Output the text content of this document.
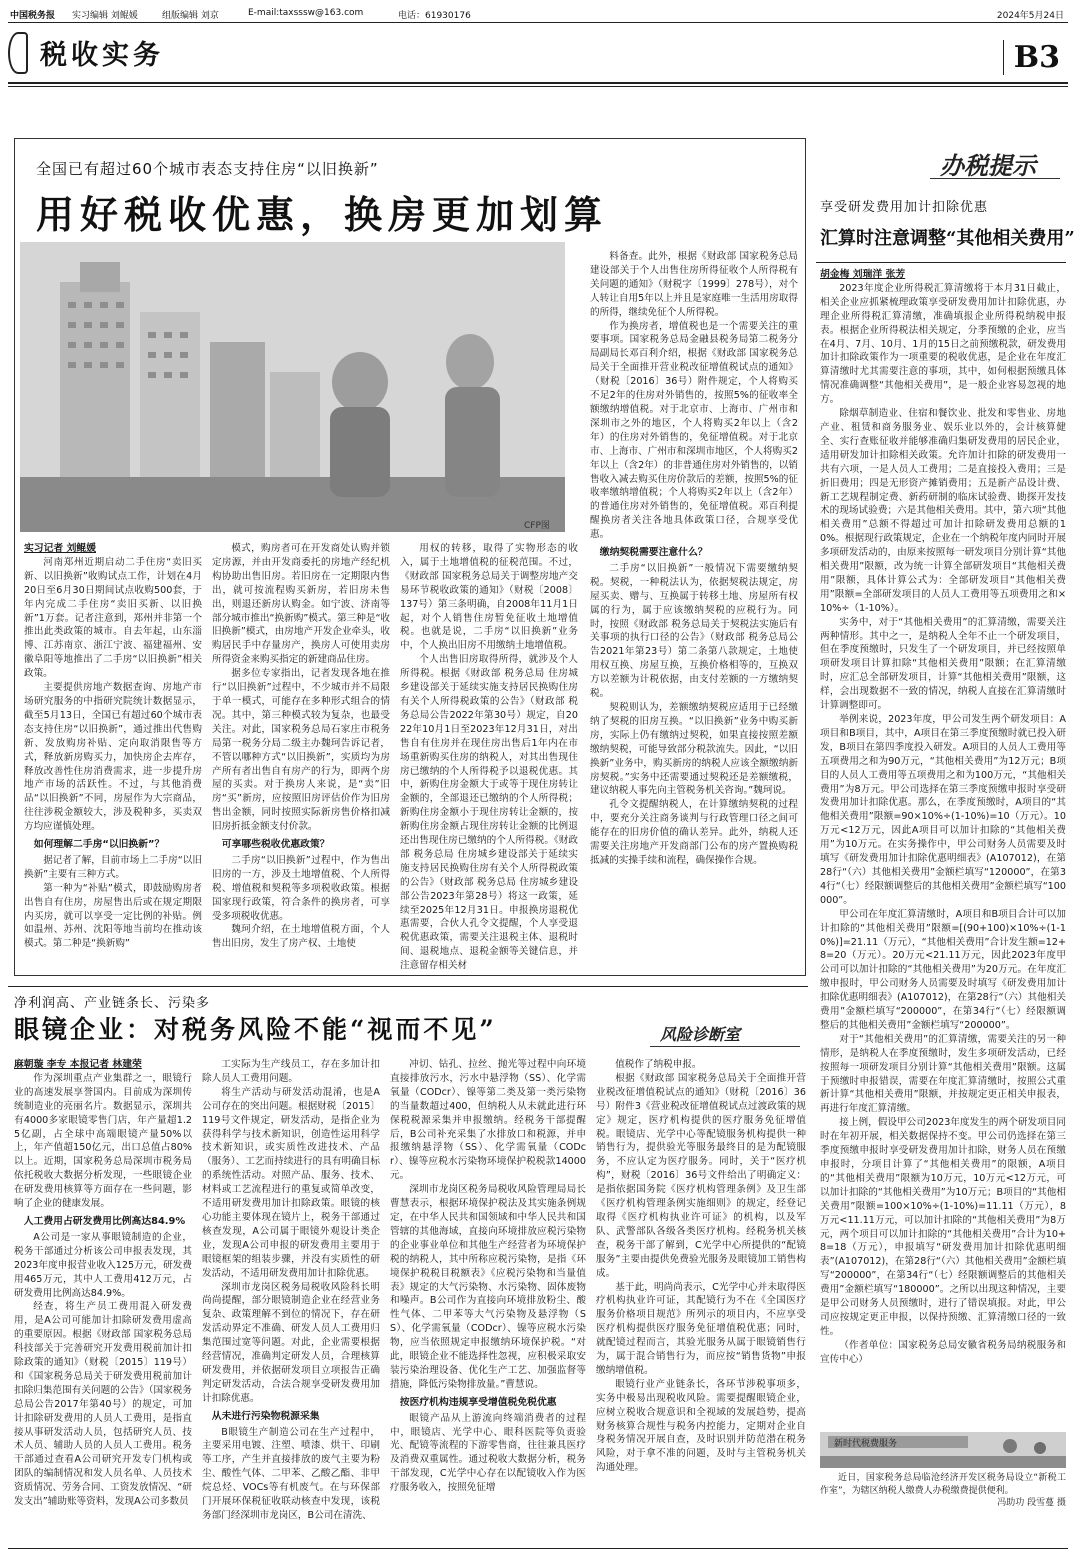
中国税务报 实习编辑 刘鲲媛	组版编辑 刘京	E-mail:taxsssw@163.com	电话：61930176	2024年5月24日
税收实务	B3
全国已有超过60个城市表态支持住房“以旧换新”
用好税收优惠，换房更加划算
CFP图
实习记者 刘鲲媛

河南郑州近期启动二手住房“卖旧买新、以旧换新”收购试点工作，计划在4月20日至6月30日期间试点收购500套，于年内完成二手住房“卖旧买新、以旧换新”1万套。记者注意到，郑州并非第一个推出此类政策的城市。自去年起，山东淄博、江苏南京、浙江宁波、福建福州、安徽阜阳等地推出了二手房“以旧换新”相关政策。

主要提供房地产数据查询、房地产市场研究服务的中指研究院统计数据显示，截至5月13日，全国已有超过60个城市表态支持住房“以旧换新”，通过推出代售购新、发放购房补贴、定向取消限售等方式，释放新房购买力，加快房企去库存，释放改善性住房消费需求，进一步提升房地产市场的活跃性。不过，与其他消费品“以旧换新”不同，房屋作为大宗商品，往往涉税金额较大，涉及税种多，买卖双方均应谨慎处理。

如何理解二手房“以旧换新”？

据记者了解，目前市场上二手房“以旧换新”主要有三种方式。

第一种为“补贴”模式，即鼓励购房者出售自有住房，房屋售出后或在规定期限内买房，就可以享受一定比例的补贴。例如温州、苏州、沈阳等地当前均在推动该模式。第二种是“换新购”

模式，购房者可在开发商处认购并锁定房源，并由开发商委托的房地产经纪机构协助出售旧房。若旧房在一定期限内售出，就可按流程购买新房，若旧房未售出，则退还新房认购金。如宁波、济南等部分城市推出“换新购”模式。第三种是“收旧换新”模式，由房地产开发企业牵头，收购居民手中存量房产，换房人可使用卖房所得资金来购买指定的新建商品住房。

据多位专家指出，记者发现各地在推行“以旧换新”过程中，不少城市并不局限于单一模式，可能存在多种形式组合的情况。其中，第三种模式较为复杂，也最受关注。对此，国家税务总局石家庄市税务局第一税务分局二级主办魏珂告诉记者，不管以哪种方式“以旧换新”，实质均为房产所有者出售自有房产的行为，即两个房屋的买卖。对于换房人来说，是“卖”旧房“买”新房，应按照旧房评估价作为旧房售出金额，同时按照实际新房售价格扣减旧房折抵金额支付价款。

可享哪些税收优惠政策？

二手房“以旧换新”过程中，作为售出旧房的一方，涉及土地增值税、个人所得税、增值税和契税等多项税收政策。根据国家现行政策，符合条件的换房者，可享受多项税收优惠。

魏珂介绍，在土地增值税方面，个人售出旧房，发生了房产权、土地使

用权的转移，取得了实物形态的收入，属于土地增值税的征税范围。不过，《财政部 国家税务总局关于调整房地产交易环节税收政策的通知》（财税〔2008〕137号）第三条明确，自2008年11月1日起，对个人销售住房暂免征收土地增值税。也就是说，二手房“以旧换新”业务中，个人换出旧房不用缴纳土地增值税。

个人出售旧房取得所得，就涉及个人所得税。根据《财政部 税务总局 住房城乡建设部关于延续实施支持居民换购住房有关个人所得税政策的公告》（财政部 税务总局公告2022年第30号）规定，自2022年10月1日至2023年12月31日，对出售自有住房并在现住房出售后1年内在市场重新购买住房的纳税人，对其出售现住房已缴纳的个人所得税予以退税优惠。其中，新购住房金额大于或等于现住房转让金额的，全部退还已缴纳的个人所得税；新购住房金额小于现住房转让金额的，按新购住房金额占现住房转让金额的比例退还出售现住房已缴纳的个人所得税。《财政部 税务总局 住房城乡建设部关于延续实施支持居民换购住房有关个人所得税政策的公告》（财政部 税务总局 住房城乡建设部公告2023年第28号）将这一政策，延续至2025年12月31日。申报换房退税优惠需要，合伙人孔令文提醒，个人享受退税优惠政策，需要关注退税主体、退税时间、退税地点、退税金额等关键信息，并注意留存相关材

料备查。此外，根据《财政部 国家税务总局 建设部关于个人出售住房所得征收个人所得税有关问题的通知》（财税字〔1999〕278号），对个人转让自用5年以上并且是家庭唯一生活用房取得的所得，继续免征个人所得税。

作为换房者，增值税也是一个需要关注的重要事项。国家税务总局金融县税务局第二税务分局副局长邓百利介绍，根据《财政部 国家税务总局关于全面推开营业税改征增值税试点的通知》（财税〔2016〕36号）附件规定，个人将购买不足2年的住房对外销售的，按照5%的征收率全额缴纳增值税。对于北京市、上海市、广州市和深圳市之外的地区，个人将购买2年以上（含2年）的住房对外销售的，免征增值税。对于北京市、上海市、广州市和深圳市地区，个人将购买2年以上（含2年）的非普通住房对外销售的，以销售收入减去购买住房价款后的差额，按照5%的征收率缴纳增值税；个人将购买2年以上（含2年）的普通住房对外销售的，免征增值税。邓百利提醒换房者关注各地具体政策口径，合规享受优惠。

缴纳契税需要注意什么？

二手房“以旧换新”一般情况下需要缴纳契税。契税，一种税法认为，依据契税法规定，房屋买卖、赠与、互换属于转移土地、房屋所有权属的行为，属于应该缴纳契税的应税行为。同时，按照《财政部 税务总局关于契税法实施后有关事项的执行口径的公告》（财政部 税务总局公告2021年第23号）第二条第八款规定，土地使用权互换、房屋互换，互换价格相等的，互换双方以差额为计税依据，由支付差额的一方缴纳契税。

契税则认为，差额缴纳契税应适用于已经缴纳了契税的旧房互换。“以旧换新”业务中购买新房，实际上仍有缴纳过契税，如果直接按照差额缴纳契税，可能导致部分税款流失。因此，“以旧换新”业务中，购买新房的纳税人应该全额缴纳新房契税。”实务中还需要通过契税还是差额缴税，建议纳税人事先向主管税务机关咨询。”魏珂说。

孔令文提醒纳税人，在计算缴纳契税的过程中，要充分关注商务谈判与行政管理口径之间可能存在的旧房价值的确认差异。此外，纳税人还需要关注房地产开发商部门公布的房产置换购税抵减的实操手续和流程，确保操作合规。

办税提示
享受研发费用加计扣除优惠
汇算时注意调整“其他相关费用”
胡金梅 刘瑞洋 张芳

2023年度企业所得税汇算清缴将于本月31日截止，相关企业应抓紧梳理政策享受研发费用加计扣除优惠，办理企业所得税汇算清缴，准确填报企业所得税纳税申报表。根据企业所得税法相关规定，分季预缴的企业，应当在4月、7月、10月、1月的15日之前预缴税款，研发费用加计扣除政策作为一项重要的税收优惠，是企业在年度汇算清缴时尤其需要注意的事项，其中，如何根据预缴具体情况准确调整“其他相关费用”，是一般企业容易忽视的地方。

除烟草制造业、住宿和餐饮业、批发和零售业、房地产业、租赁和商务服务业、娱乐业以外的，会计核算健全、实行查账征收并能够准确归集研发费用的居民企业，适用研发加计扣除相关政策。允许加计扣除的研发费用一共有六项，一是人员人工费用；二是直接投入费用；三是折旧费用；四是无形资产摊销费用；五是新产品设计费、新工艺规程制定费、新药研制的临床试验费、勘探开发技术的现场试验费；六是其他相关费用。其中，第六项“其他相关费用”总额不得超过可加计扣除研发费用总额的10%。根据现行政策规定，企业在一个纳税年度内同时开展多项研发活动的，由原来按照每一研发项目分别计算“其他相关费用”限额，改为统一计算全部研发项目“其他相关费用”限额，具体计算公式为：全部研发项目“其他相关费用”限额=全部研发项目的人员人工费用等五项费用之和×10%÷（1-10%）。

实务中，对于“其他相关费用”的汇算清缴，需要关注两种情形。其中之一，是纳税人全年不止一个研发项目，但在季度预缴时，只发生了一个研发项目，并已经按照单项研发项目计算扣除“其他相关费用”限额；在汇算清缴时，应汇总全部研发项目，计算“其他相关费用”限额，这样，会出现数据不一致的情况，纳税人直接在汇算清缴时计算调整即可。

举例来说，2023年度，甲公司发生两个研发项目：A项目和B项目，其中，A项目在第三季度预缴时就已投入研发，B项目在第四季度投入研发。A项目的人员人工费用等五项费用之和为90万元，“其他相关费用”为12万元；B项目的人员人工费用等五项费用之和为100万元，“其他相关费用”为8万元。甲公司选择在第三季度预缴申报时享受研发费用加计扣除优惠。那么，在季度预缴时，A项目的“其他相关费用”限额=90×10%÷(1-10%)=10（万元）。10万元<12万元，因此A项目可以加计扣除的“其他相关费用”为10万元。在实务操作中，甲公司财务人员需要及时填写《研发费用加计扣除优惠明细表》(A107012)，在第28行“（六）其他相关费用”金额栏填写“120000”，在第34行“（七）经限额调整后的其他相关费用”金额栏填写“100000”。

甲公司在年度汇算清缴时，A项目和B项目合计可以加计扣除的“其他相关费用”限额=[(90+100)×10%÷(1-10%)]=21.11（万元），“其他相关费用”合计发生额=12+8=20（万元）。20万元<21.11万元，因此2023年度甲公司可以加计扣除的“其他相关费用”为20万元。在年度汇缴申报时，甲公司财务人员需要及时填写《研发费用加计扣除优惠明细表》(A107012)，在第28行“（六）其他相关费用”金额栏填写“200000”，在第34行“（七）经限额调整后的其他相关费用”金额栏填写“200000”。

对于“其他相关费用”的汇算清缴，需要关注的另一种情形，是纳税人在季度预缴时，发生多项研发活动，已经按照每一项研发项目分别计算“其他相关费用”限额。这属于预缴时申报错误，需要在年度汇算清缴时，按照公式重新计算“其他相关费用”限额，并按规定更正相关申报表，再进行年度汇算清缴。

接上例，假设甲公司2023年度发生的两个研发项目同时在年初开展，相关数据保持不变。甲公司仍选择在第三季度预缴申报时享受研发费用加计扣除，财务人员在预缴申报时，分项目计算了“其他相关费用”的限额，A项目的“其他相关费用”限额为10万元，10万元<12万元，可以加计扣除的“其他相关费用”为10万元；B项目的“其他相关费用”限额=100×10%÷(1-10%)=11.11（万元），8万元<11.11万元，可以加计扣除的“其他相关费用”为8万元，两个项目可以加计扣除的“其他相关费用”合计为10+8=18（万元），申报填写“研发费用加计扣除优惠明细表”(A107012)，在第28行“（六）其他相关费用”金额栏填写“200000”，在第34行“（七）经限额调整后的其他相关费用”金额栏填写“180000”。之所以出现这种情况，主要是甲公司财务人员预缴时，进行了错误填报。对此，甲公司应按规定更正申报，以保持预缴、汇算清缴口径的一致性。

（作者单位：国家税务总局安徽省税务局纳税服务和宣传中心）

净利润高、产业链条长、污染多
眼镜企业：对税务风险不能“视而不见”	风险诊断室
麻朝璇 李专 本报记者 林建荣

作为深圳重点产业集群之一，眼镜行业的高速发展享誉国内。目前成为深圳传统制造业的亮丽名片。数据显示，深圳共有4000多家眼镜零售门店，年产量超1.25亿副，占全球中高端眼镜产量50%以上，年产值超150亿元，出口总值占80%以上。近期，国家税务总局深圳市税务局依托税收大数据分析发现，一些眼镜企业在研发费用核算等方面存在一些问题，影响了企业的健康发展。

人工费用占研发费用比例高达84.9%

A公司是一家从事眼镜制造的企业，税务干部通过分析该公司申报表发现，其2023年度申报营业收入125万元，研发费用465万元，其中人工费用412万元，占研发费用比例高达84.9%。

经查，将生产员工费用混入研发费用，是A公司可能加计扣除研发费用虚高的重要原因。根据《财政部 国家税务总局 科技部关于完善研究开发费用税前加计扣除政策的通知》（财税〔2015〕119号）和《国家税务总局关于研发费用税前加计扣除归集范围有关问题的公告》（国家税务总局公告2017年第40号）的规定，可加计扣除研发费用的人员人工费用，是指直接从事研发活动人员，包括研究人员、技术人员、辅助人员的人员人工费用。税务干部通过查看A公司研究开发专门机构或团队的编制情况和发人员名单、人员技术资质情况、劳务合同、工资发放情况、“研发支出”辅助账等资料，发现A公司多数员

工实际为生产线员工，存在多加计扣除人员人工费用问题。

将生产活动与研发活动混淆，也是A公司存在的突出问题。根据财税〔2015〕119号文件规定，研发活动，是指企业为获得科学与技术新知识，创造性运用科学技术新知识，或实质性改进技术、产品（服务）、工艺而持续进行的具有明确目标的系统性活动。对照产品、服务、技术、材料或工艺流程进行的重复或简单改变，不适用研发费用加计扣除政策。眼镜的核心功能主要体现在镜片上，税务干部通过核查发现，A公司属于眼镜外观设计类企业，发现A公司申报的研发费用主要用于眼镜框架的组装步骤，并没有实质性的研发活动，不适用研发费用加计扣除优惠。

深圳市龙岗区税务局税收风险科长明尚尚提醒，部分眼镜制造企业在经营业务复杂、政策理解不到位的情况下，存在研发活动界定不准确、研发人员人工费用归集范围过宽等问题。对此，企业需要根据经营情况，准确判定研发人员，合理核算研发费用，并依据研发项目立项报告正确判定研发活动，合法合规享受研发费用加计扣除优惠。

从未进行污染物税源采集

B眼镜生产制造公司在生产过程中，主要采用电镀、注塑、喷漆、烘干、印刷等工序，产生并直接排放的废气主要为粉尘、酸性气体、二甲苯、乙酸乙酯、非甲烷总烃、VOCs等有机废气。在与环保部门开展环保税征收联动核查中发现，该税务部门经深圳市龙岗区，B公司在清洗、

冲切、钻孔、拉丝、抛光等过程中向环境直接排放污水，污水中悬浮物（SS）、化学需氧量（CODcr）、镍等第二类及第一类污染物的当量数超过400，但纳税人从未就此进行环保税税源采集并申报缴纳。经税务干部提醒后，B公司补充采集了水排放口和税源，并申报缴纳悬浮物（SS）、化学需氧量（CODcr）、镍等应税水污染物环境保护税税款14000元。

深圳市龙岗区税务局税收风险管理局局长曹慧表示，根据环境保护税法及其实施条例规定，在中华人民共和国领域和中华人民共和国管辖的其他海域，直接向环境排放应税污染物的企业事业单位和其他生产经营者为环境保护税的纳税人，其中所称应税污染物，是指《环境保护税税目税额表》《应税污染物和当量值表》规定的大气污染物、水污染物、固体废物和噪声。B公司作为直接向环境排放粉尘、酸性气体、二甲苯等大气污染物及悬浮物（SS）、化学需氧量（CODcr）、镍等应税水污染物，应当依照规定申报缴纳环境保护税。“对此，眼镜企业不能选择性忽视，应积极采取安装污染治理设备、优化生产工艺、加强监督等措施，降低污染物排放量。”曹慧说。

按医疗机构违规享受增值税免税优惠

眼镜产品从上游流向终端消费者的过程中，眼镜店、光学中心、眼科医院等负责验光、配镜等流程的下游零售商，往往兼具医疗及消费双重属性。通过税收大数据分析，税务干部发现，C光学中心存在以配镜收入作为医疗服务收入，按照免征增

值税作了纳税申报。

根据《财政部 国家税务总局关于全面推开营业税改征增值税试点的通知》（财税〔2016〕36号）附件3《营业税改征增值税试点过渡政策的规定》规定，医疗机构提供的医疗服务免征增值税。眼镜店、光学中心等配镜服务机构提供一种销售行为，提供验光等服务最终目的是为配镜服务，不应认定为医疗服务。同时，关于“医疗机构”，财税〔2016〕36号文件给出了明确定义：是指依据国务院《医疗机构管理条例》及卫生部《医疗机构管理条例实施细则》的规定，经登记取得《医疗机构执业许可证》的机构，以及军队、武警部队各级各类医疗机构。经税务机关核查，税务干部了解到，C光学中心所提供的“配镜服务”主要由提供免费验光服务及眼镜加工销售构成。

基于此，明尚尚表示，C光学中心并未取得医疗机构执业许可证，其配镜行为不在《全国医疗服务价格项目规范》所列示的项目内，不应享受医疗机构提供医疗服务免征增值税优惠；同时，就配镜过程而言，其验光服务从属于眼镜销售行为，属于混合销售行为，而应按“销售货物”申报缴纳增值税。

眼镜行业产业链条长，各环节涉税事项多，实务中极易出现税收风险。需要提醒眼镜企业，应树立税收合规意识和全视域的发展趋势，提高财务核算合规性与税务内控能力，定期对企业自身税务情况开展自查，及时识别并防范潜在税务风险，对于拿不准的问题，及时与主管税务机关沟通处理。

新时代税费服务

近日，国家税务总局临沧经济开发区税务局设立“新税工作室”，为辖区纳税人缴费人办税缴费提供便利。

冯助功 段雪蔓 摄
